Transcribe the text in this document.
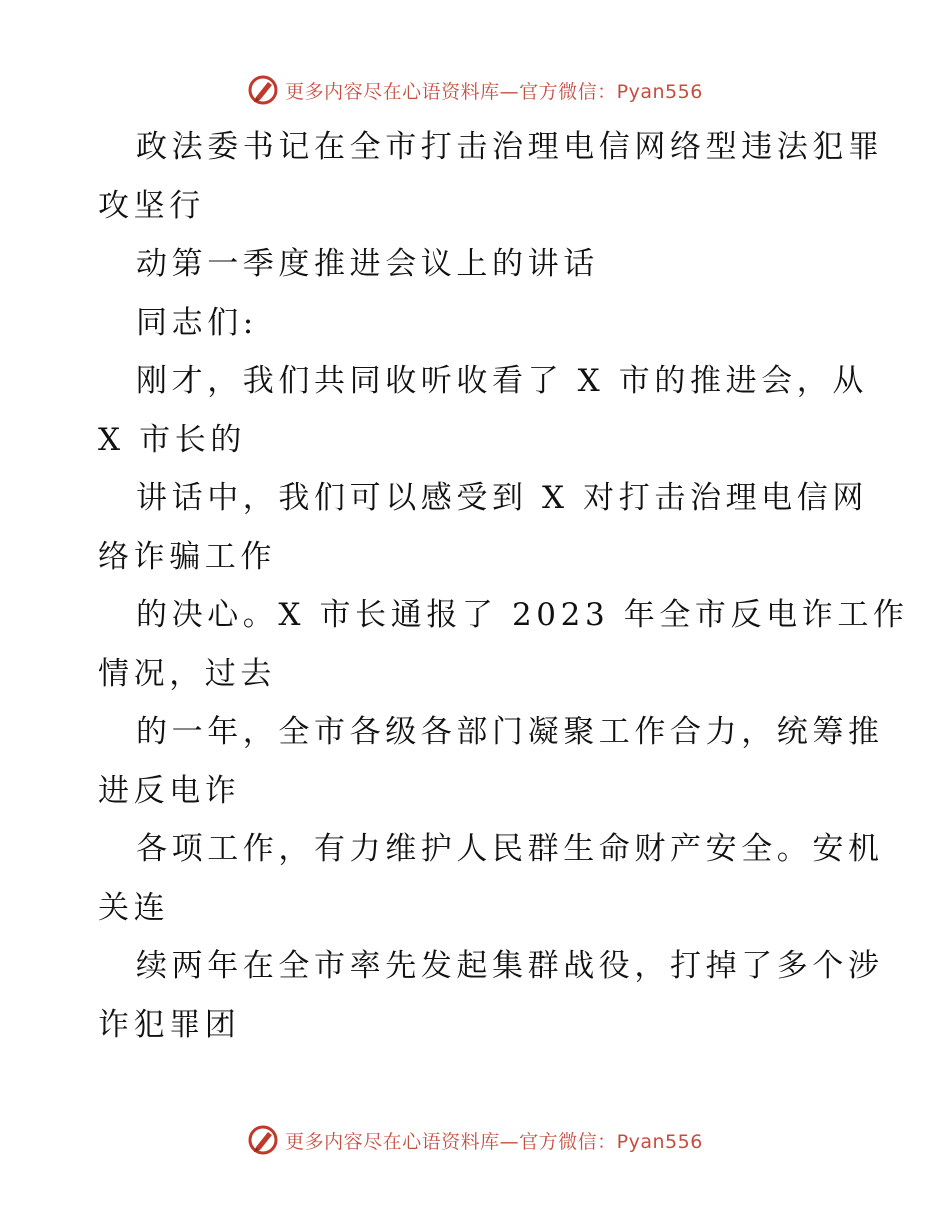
更多内容尽在心语资料库—官方微信：Pyan556
政法委书记在全市打击治理电信网络型违法犯罪
攻坚行
动第一季度推进会议上的讲话
同志们:
刚才，我们共同收听收看了 X 市的推进会，从
X 市长的
讲话中，我们可以感受到 X 对打击治理电信网
络诈骗工作
的决心。X 市长通报了 2023 年全市反电诈工作
情况，过去
的一年，全市各级各部门凝聚工作合力，统筹推
进反电诈
各项工作，有力维护人民群生命财产安全。安机
关连
续两年在全市率先发起集群战役，打掉了多个涉
诈犯罪团
更多内容尽在心语资料库—官方微信：Pyan556
